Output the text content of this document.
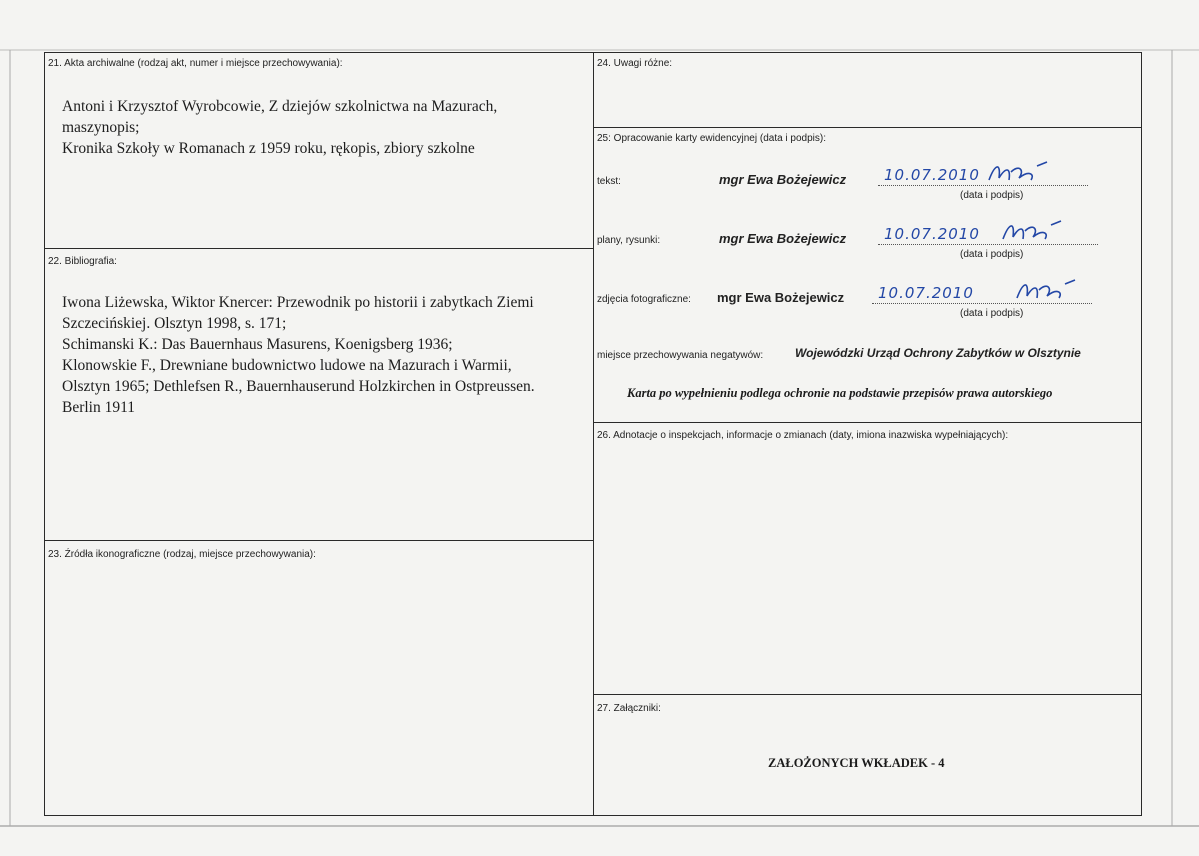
21. Akta archiwalne (rodzaj akt, numer i miejsce przechowywania):
Antoni i Krzysztof Wyrobcowie, Z dziejów szkolnictwa na Mazurach,
maszynopis;
Kronika Szkoły w Romanach z 1959 roku, rękopis, zbiory szkolne
22. Bibliografia:
Iwona Liżewska, Wiktor Knercer: Przewodnik po historii i zabytkach Ziemi
Szczecińskiej. Olsztyn 1998, s. 171;
Schimanski K.: Das Bauernhaus Masurens, Koenigsberg 1936;
Klonowskie F., Drewniane budownictwo ludowe na Mazurach i Warmii,
Olsztyn 1965; Dethlefsen R., Bauernhauserund Holzkirchen in Ostpreussen.
Berlin 1911
23. Źródła ikonograficzne (rodzaj, miejsce przechowywania):
24. Uwagi różne:
25: Opracowanie karty ewidencyjnej (data i podpis):
tekst:	mgr Ewa Bożejewicz	10.07.2010
(data i podpis)
plany, rysunki:	mgr Ewa Bożejewicz	10.07.2010
(data i podpis)
zdjęcia fotograficzne: mgr Ewa Bożejewicz 10.07.2010
(data i podpis)
miejsce przechowywania negatywów:	Wojewódzki Urząd Ochrony Zabytków w Olsztynie
Karta po wypełnieniu podlega ochronie na podstawie przepisów prawa autorskiego
26. Adnotacje o inspekcjach, informacje o zmianach (daty, imiona inazwiska wypełniających):
27. Załączniki:
ZAŁOŻONYCH WKŁADEK - 4
